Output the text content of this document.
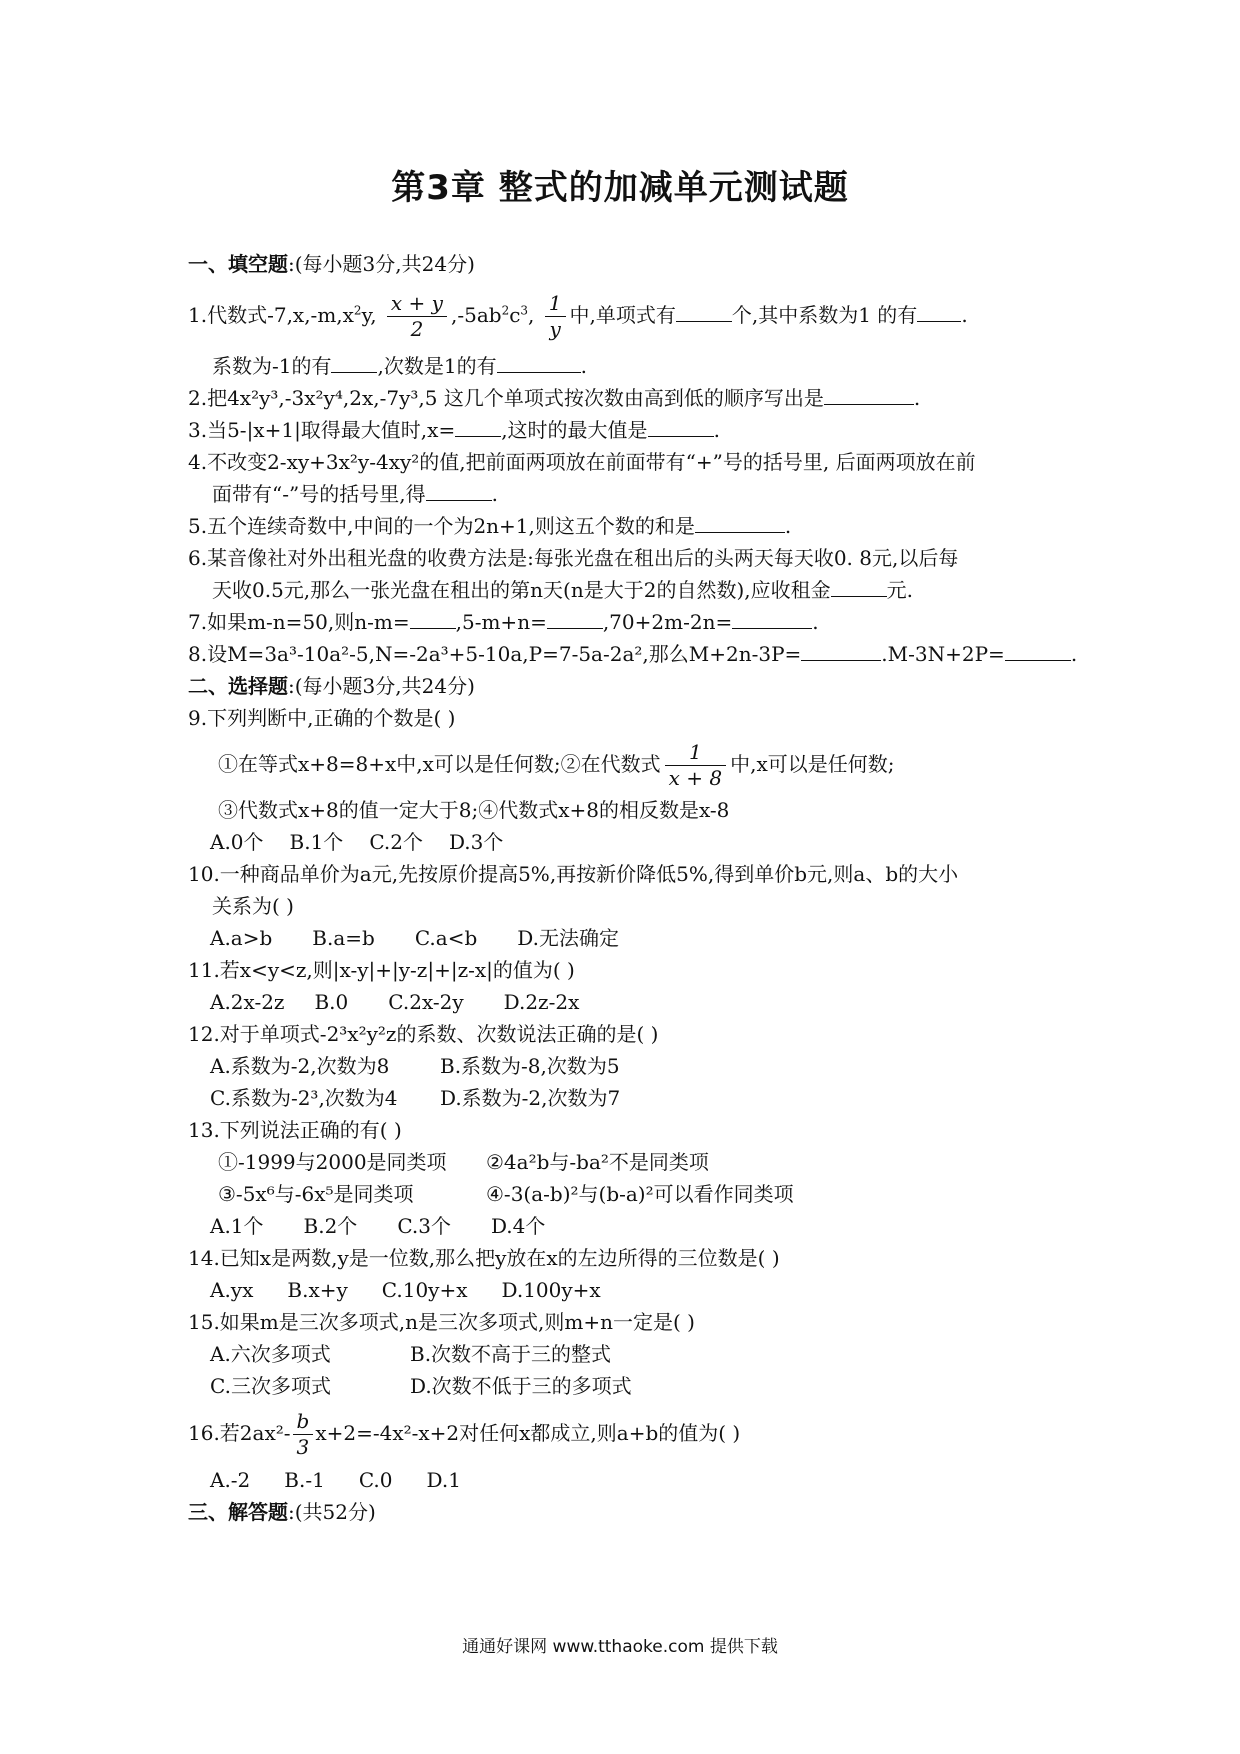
第3章 整式的加减单元测试题
一、填空题:(每小题3分,共24分)
1.代数式$-7,x,-m,x^2y$, $\frac{x + y}{2} ,-5ab^2c^3$, $\frac{1}{y}$ 中,单项式有	个,其中系数为1 的有 .
系数为-1的有 ,次数是1的有	.
2.把4x²y³,-3x²y⁴,2x,-7y³,5 这几个单项式按次数由高到低的顺序写出是	.
3.当5-|x+1|取得最大值时,x= ,这时的最大值是	.
4.不改变2-xy+3x²y-4xy²的值,把前面两项放在前面带有“+”号的括号里, 后面两项放在前
面带有“-”号的括号里,得	.
5.五个连续奇数中,中间的一个为2n+1,则这五个数的和是	.
6.某音像社对外出租光盘的收费方法是:每张光盘在租出后的头两天每天收0. 8元,以后每
天收0.5元,那么一张光盘在租出的第n天(n是大于2的自然数),应收租金	元.
7.如果m-n=50,则n-m= ,5-m+n=	,70+2m-2n=	.
8.设M=3a³-10a²-5,N=-2a³+5-10a,P=7-5a-2a²,那么M+2n-3P=	.M-3N+2P=	.
二、选择题:(每小题3分,共24分)
9.下列判断中,正确的个数是( )
①在等式x+8=8+x中,x可以是任何数;②在代数式 $\frac{1}{x + 8}$ 中,x可以是任何数;
③代数式x+8的值一定大于8;④代数式x+8的相反数是x-8
A.0个 B.1个 C.2个 D.3个
10.一种商品单价为a元,先按原价提高5%,再按新价降低5%,得到单价b元,则a、b的大小
关系为( )
A.a>b B.a=b C.a<b D.无法确定
11.若x<y<z,则|x-y|+|y-z|+|z-x|的值为( )
A.2x-2z B.0 C.2x-2y D.2z-2x
12.对于单项式-2³x²y²z的系数、次数说法正确的是( )
A.系数为-2,次数为8	B.系数为-8,次数为5
C.系数为-2³,次数为4 D.系数为-2,次数为7
13.下列说法正确的有( )
①-1999与2000是同类项 ②4a²b与-ba²不是同类项
③-5x⁶与-6x⁵是同类项	④-3(a-b)²与(b-a)²可以看作同类项
A.1个 B.2个 C.3个 D.4个
14.已知x是两数,y是一位数,那么把y放在x的左边所得的三位数是( )
A.yx B.x+y C.10y+x D.100y+x
15.如果m是三次多项式,n是三次多项式,则m+n一定是( )
A.六次多项式	B.次数不高于三的整式
C.三次多项式	D.次数不低于三的多项式
16.若$2ax^2- \frac{b}{3} x+2=-4x^2-x+2$对任何x都成立,则a+b的值为( )
A.-2 B.-1 C.0 D.1
三、解答题:(共52分)
通通好课网 www.tthaoke.com 提供下载
